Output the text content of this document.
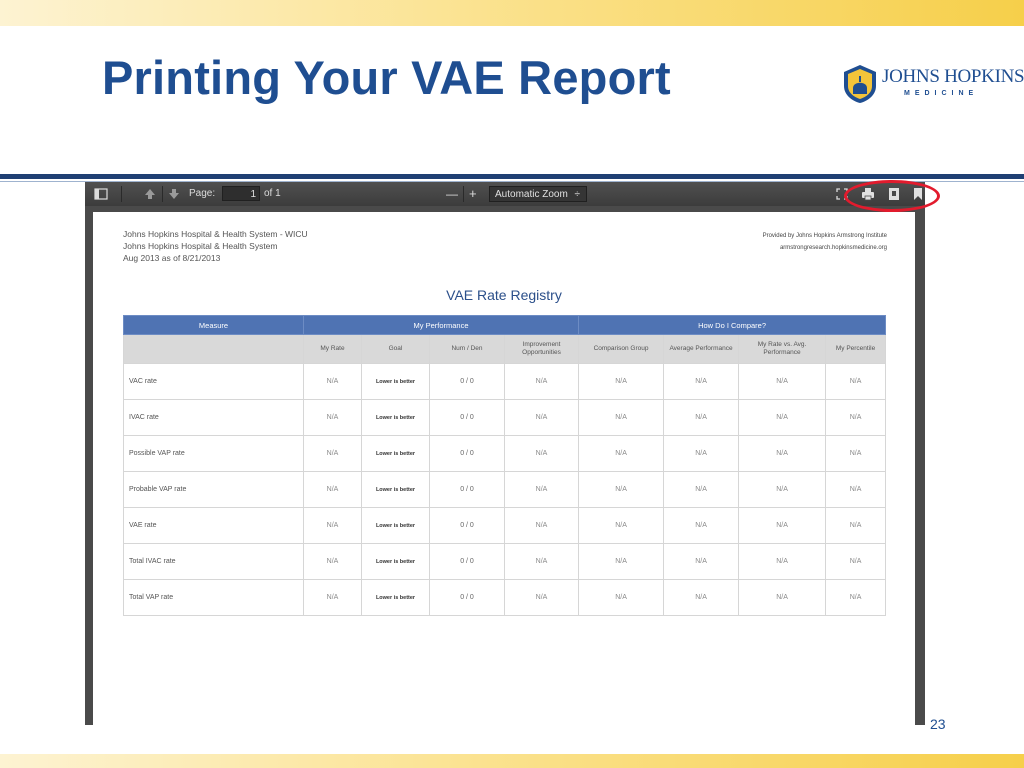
Printing Your VAE Report	JOHNS HOPKINS
MEDICINE
Page:	1 of 1	— +	Automatic Zoom ÷
Johns Hopkins Hospital & Health System - WICU
Johns Hopkins Hospital & Health System
Aug 2013 as of 8/21/2013
Provided by Johns Hopkins Armstrong Institute
armstrongresearch.hopkinsmedicine.org
VAE Rate Registry
Measure	My Performance				How Do I Compare?			
	My Rate	Goal	Num / Den	Improvement Opportunities	Comparison Group	Average Performance	My Rate vs. Avg. Performance	My Percentile
VAC rate	N/A	Lower is better	0 / 0	N/A	N/A	N/A	N/A	N/A
IVAC rate	N/A	Lower is better	0 / 0	N/A	N/A	N/A	N/A	N/A
Possible VAP rate	N/A	Lower is better	0 / 0	N/A	N/A	N/A	N/A	N/A
Probable VAP rate	N/A	Lower is better	0 / 0	N/A	N/A	N/A	N/A	N/A
VAE rate	N/A	Lower is better	0 / 0	N/A	N/A	N/A	N/A	N/A
Total IVAC rate	N/A	Lower is better	0 / 0	N/A	N/A	N/A	N/A	N/A
Total VAP rate	N/A	Lower is better	0 / 0	N/A	N/A	N/A	N/A	N/A
23
